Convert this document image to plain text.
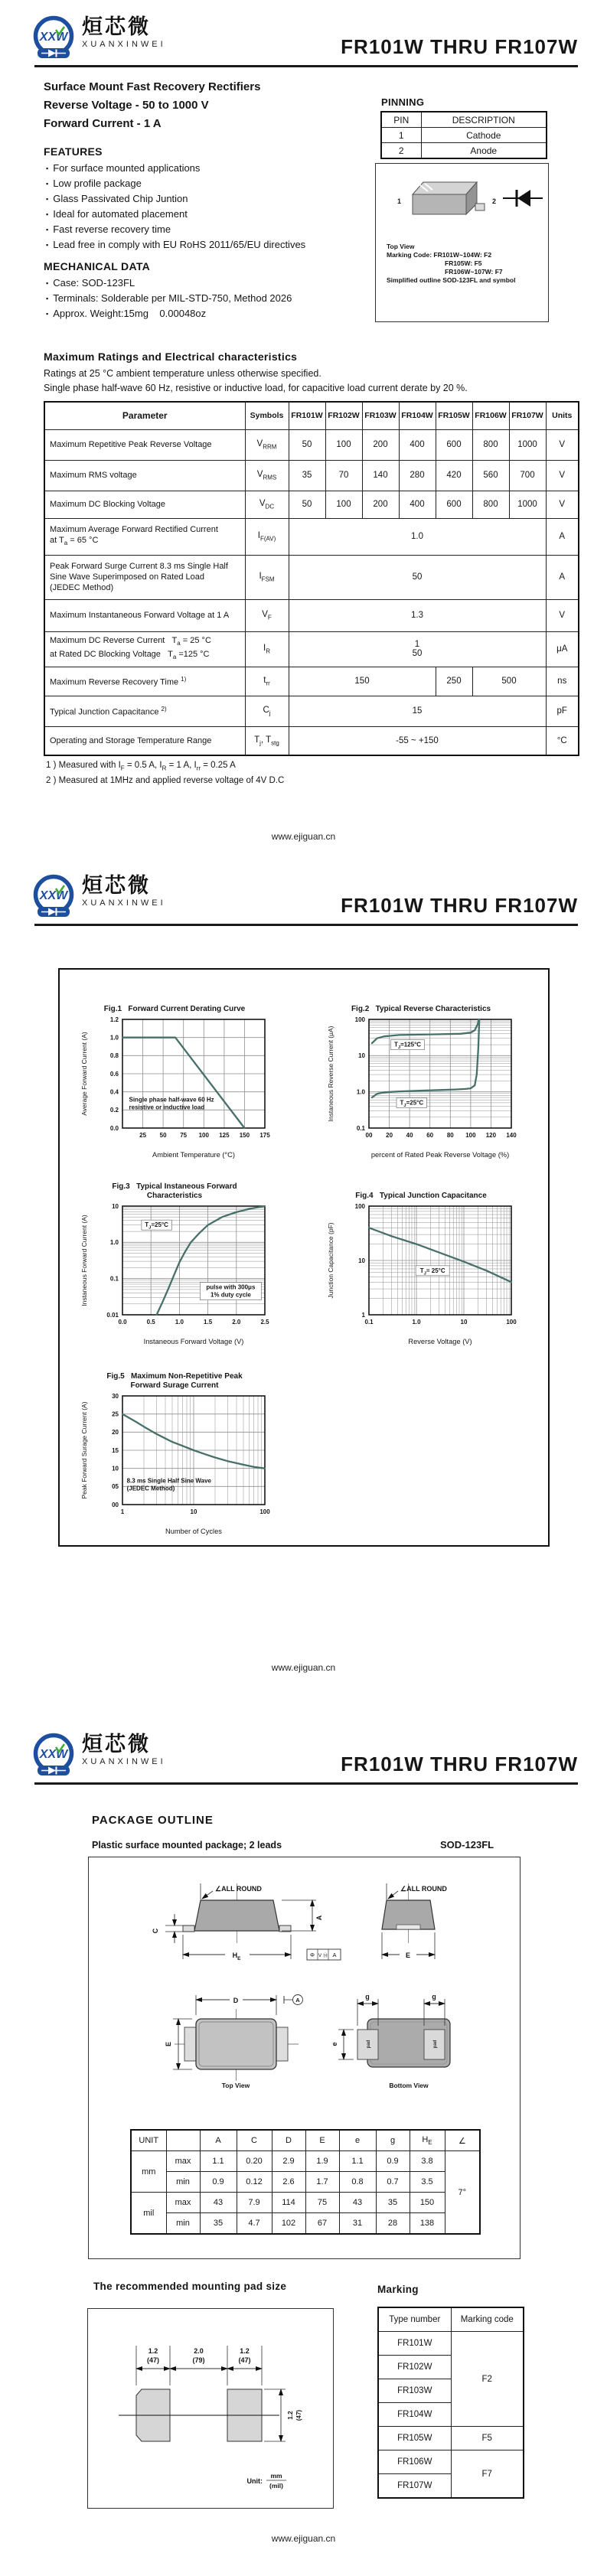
XXW 烜芯微
XUANXINWEI	FR101W THRU FR107W
Surface Mount Fast Recovery Rectifiers
Reverse Voltage - 50 to 1000 V
Forward Current - 1 A
FEATURES
▪ For surface mounted applications
▪ Low profile package
▪ Glass Passivated Chip Juntion
▪ Ideal for automated placement
▪ Fast reverse recovery time
▪ Lead free in comply with EU RoHS 2011/65/EU directives
MECHANICAL DATA
▪ Case: SOD-123FL
▪ Terminals: Solderable per MIL-STD-750, Method 2026
▪ Approx. Weight:15mg    0.00048oz
PINNING
PIN	DESCRIPTION
1	Cathode
2	Anode
1	2
Top View
Marking Code: FR101W~104W: F2
FR105W: F5
FR106W~107W: F7
Simplified outline SOD-123FL and symbol
Maximum Ratings and Electrical characteristics
Ratings at 25 °C ambient temperature unless otherwise specified.
Single phase half-wave 60 Hz, resistive or inductive load, for capacitive load current derate by 20 %.
Parameter	Symbols	FR101W	FR102W	FR103W	FR104W	FR105W	FR106W	FR107W	Units
Maximum Repetitive Peak Reverse Voltage	$V_{RRM}$	50	100	200	400	600	800	1000	V
Maximum RMS voltage	$V_{RMS}$	35	70	140	280	420	560	700	V
Maximum DC Blocking Voltage	$V_{DC}$	50	100	200	400	600	800	1000	V
Maximum Average Forward Rectified Current
at $T_a = 65$ °C	$I_{F(AV)}$	1.0							A
Peak Forward Surge Current 8.3 ms Single Half
Sine Wave Superimposed on Rated Load
(JEDEC Method)	$I_{FSM}$	50							A
Maximum Instantaneous Forward Voltage at 1 A	$V_F$	1.3							V
Maximum DC Reverse Current   $T_a = 25$ °C
at Rated DC Blocking Voltage   $T_a =125$ °C	$I_R$	1
50							μA
Maximum Reverse Recovery Time $^{1)}$	$t_{rr}$	150				250	500		ns
Typical Junction Capacitance $^{2)}$	$C_j$	15							pF
Operating and Storage Temperature Range	$T_j$, $T_{stg}$	-55 ~ +150							°C
1 ) Measured with $I_F = 0.5$ A, $I_R = 1$ A, $I_{rr} = 0.25$ A
2 ) Measured at 1MHz and applied reverse voltage of 4V D.C
www.ejiguan.cn
XXW 烜芯微
XUANXINWEI	FR101W THRU FR107W
Fig.1   Forward Current Derating Curve
Single phase half-wave 60 Hz
resistive or inductive load
25 50 75 100 125 150 175
0.0
0.2
0.4
0.6
0.8
1.0
1.2
Ambient Temperature (°C)
Average Forward Current (A)
Fig.2   Typical Reverse Characteristics
$T_J=125^\circ C$
$T_J=25^\circ C$
00 20 40 60 80 100 120 140
0.1
1.0
10
100
percent of Rated Peak Reverse Voltage (%)
Instaneous Reverse Current (μA)
Fig.3   Typical Instaneous Forward
Characteristics
$T_J=25^\circ C$
pulse with 300μs
1% duty cycle
0.0	0.5	1.0	1.5	2.0	2.5
0.01
0.1
1.0
10
Instaneous Forward Voltage (V)
Instaneous Forward Current (A)
Fig.4   Typical Junction Capacitance
$T_J= 25^\circ C$
0.1	1.0	10	100
1
10
100
Reverse Voltage (V)
Junction Capacitance (pF)
Fig.5   Maximum Non-Repetitive Peak
Forward Surage Current
8.3 ms Single Half Sine Wave
(JEDEC Method)
1	10	100
00
05
10
15
20
25
30
Number of Cycles
Peak Forward Surage Current (A)
www.ejiguan.cn
XXW 烜芯微
XUANXINWEI	FR101W THRU FR107W
PACKAGE OUTLINE
Plastic surface mounted package; 2 leads	SOD-123FL
∠ALL ROUND
A
C
$H_E$
Φ V Ⓜ A
∠ALL ROUND
E
D	A
E
Top View
pad	pad
g	g
e
Bottom View
UNIT		A	C	D	E	e	g	$H_E$	∠
mm	max	1.1	0.20	2.9	1.9	1.1	0.9	3.8	7°
	min	0.9	0.12	2.6	1.7	0.8	0.7	3.5	
mil	max	43	7.9	114	75	43	35	150	
	min	35	4.7	102	67	31	28	138	
The recommended mounting pad size
1.2
(47)
2.0
(79)
1.2
(47)
1.2 (47)
Unit:
mm
(mil)
Marking
Type number	Marking code
FR101W	F2
FR102W	
FR103W	
FR104W	
FR105W	F5
FR106W	F7
FR107W	
www.ejiguan.cn
